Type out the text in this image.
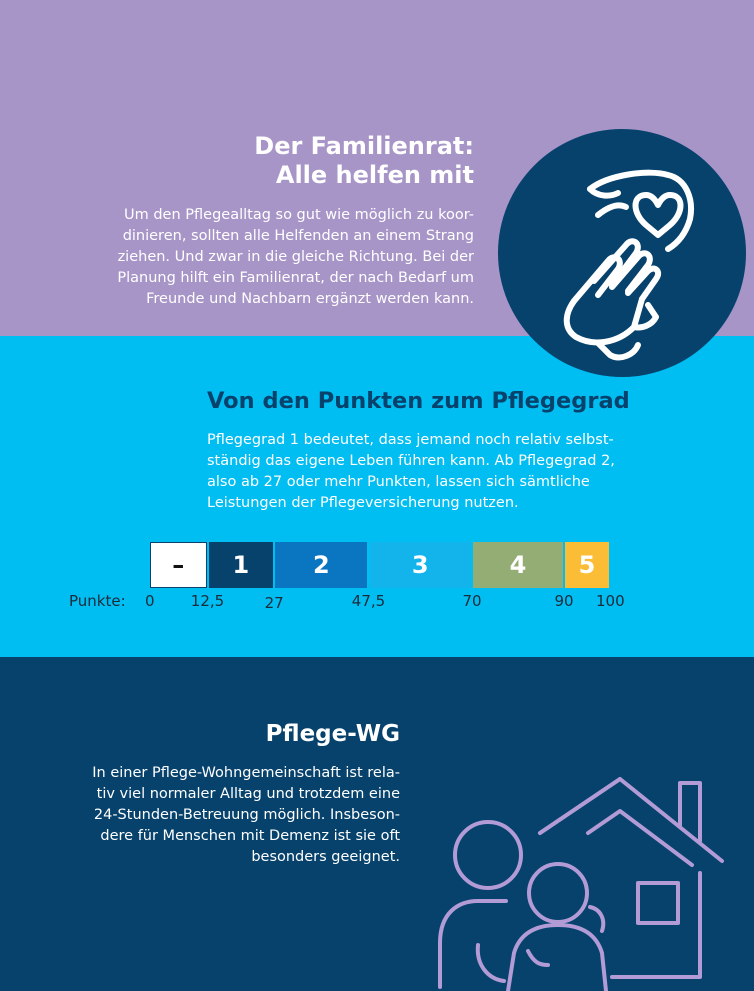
Der Familienrat:
Alle helfen mit

Um den Pflegealltag so gut wie möglich zu koor-
dinieren, sollten alle Helfenden an einem Strang
ziehen. Und zwar in die gleiche Richtung. Bei der
Planung hilft ein Familienrat, der nach Bedarf um
Freunde und Nachbarn ergänzt werden kann.

Von den Punkten zum Pflegegrad

Pflegegrad 1 bedeutet, dass jemand noch relativ selbst-
ständig das eigene Leben führen kann. Ab Pflegegrad 2,
also ab 27 oder mehr Punkten, lassen sich sämtliche
Leistungen der Pflegeversicherung nutzen.

–	1	2	3	4	5
Punkte: 0 12,5	27	47,5	70	90 100
Pflege-WG

In einer Pflege-Wohngemeinschaft ist rela-
tiv viel normaler Alltag und trotzdem eine
24-Stunden-Betreuung möglich. Insbeson-
dere für Menschen mit Demenz ist sie oft
besonders geeignet.
